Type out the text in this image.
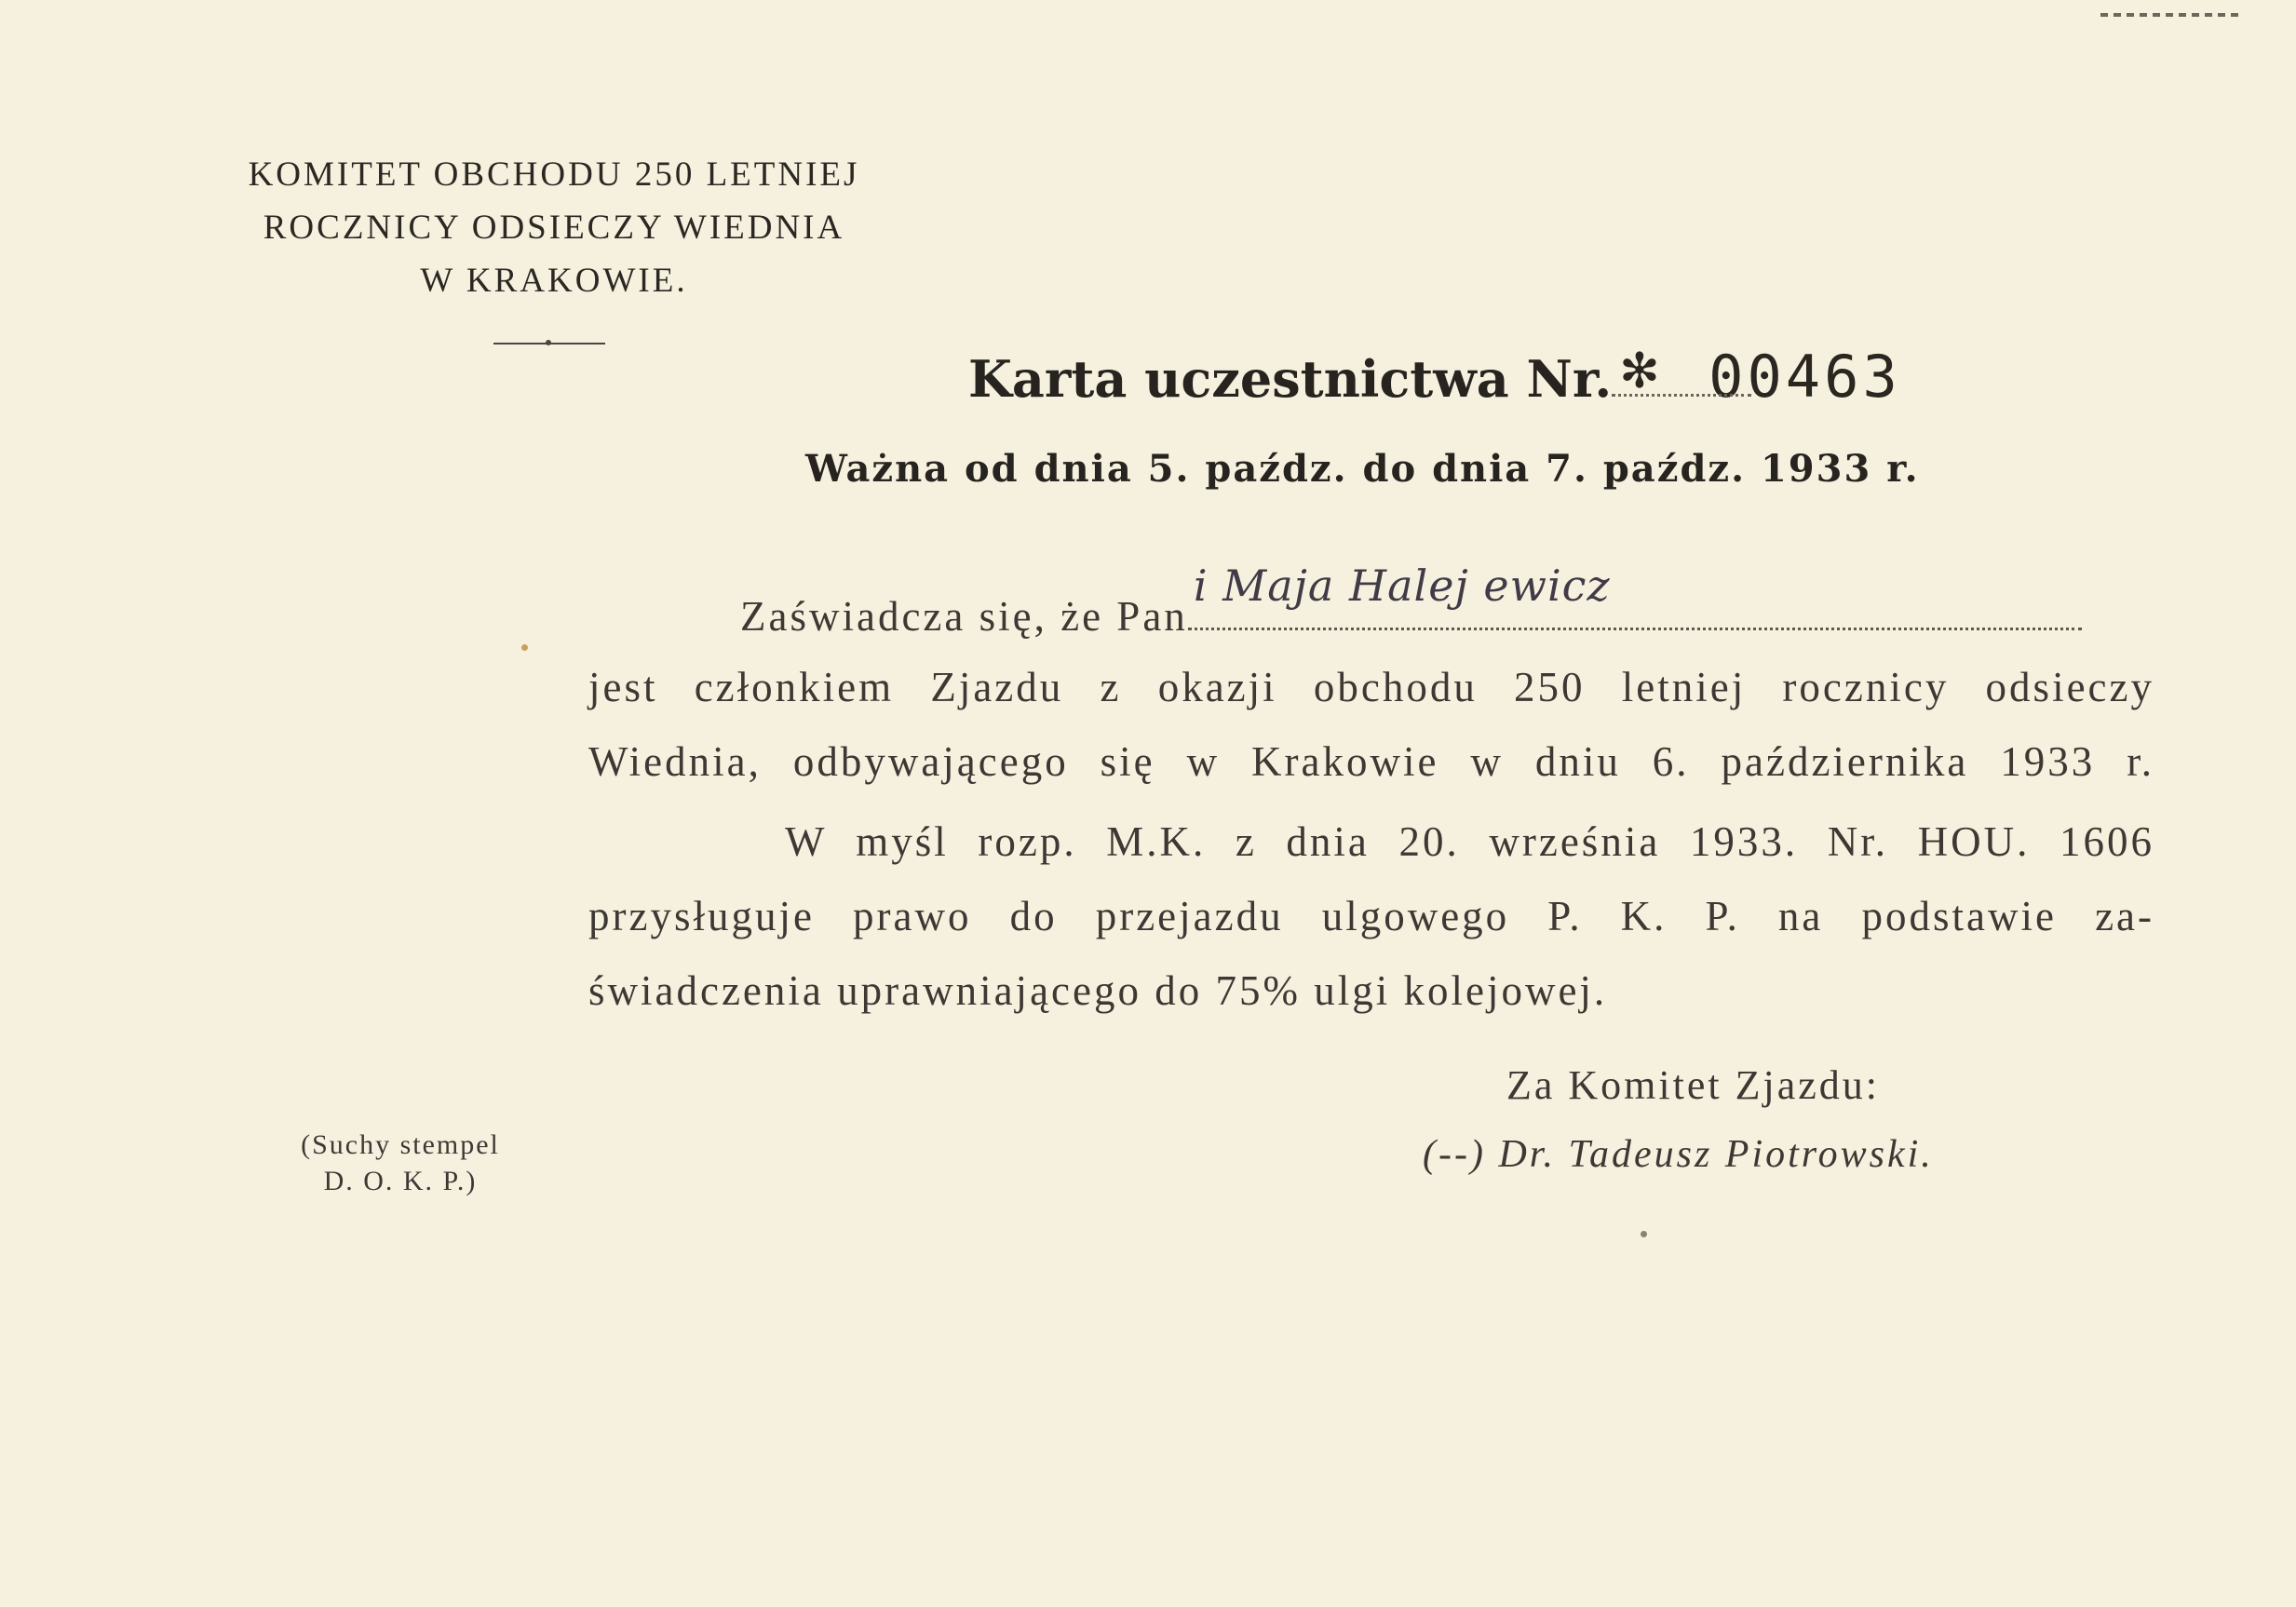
KOMITET OBCHODU 250 LETNIEJ
ROCZNICY ODSIECZY WIEDNIA
W KRAKOWIE.
Karta uczestnictwa Nr. ✻ 00463
Ważna od dnia 5. paźdz. do dnia 7. paźdz. 1933 r.
Zaświadcza się, że Pan
i Maja Halej ewicz
jest członkiem Zjazdu z okazji obchodu 250 letniej rocznicy odsieczy
Wiednia, odbywającego się w Krakowie w dniu 6. października 1933 r.
W myśl rozp. M.K. z dnia 20. września 1933. Nr. HOU. 1606
przysługuje prawo do przejazdu ulgowego P. K. P. na podstawie za-
świadczenia uprawniającego do 75% ulgi kolejowej.
Za Komitet Zjazdu:
(--) Dr. Tadeusz Piotrowski.
(Suchy stempel
D. O. K. P.)
